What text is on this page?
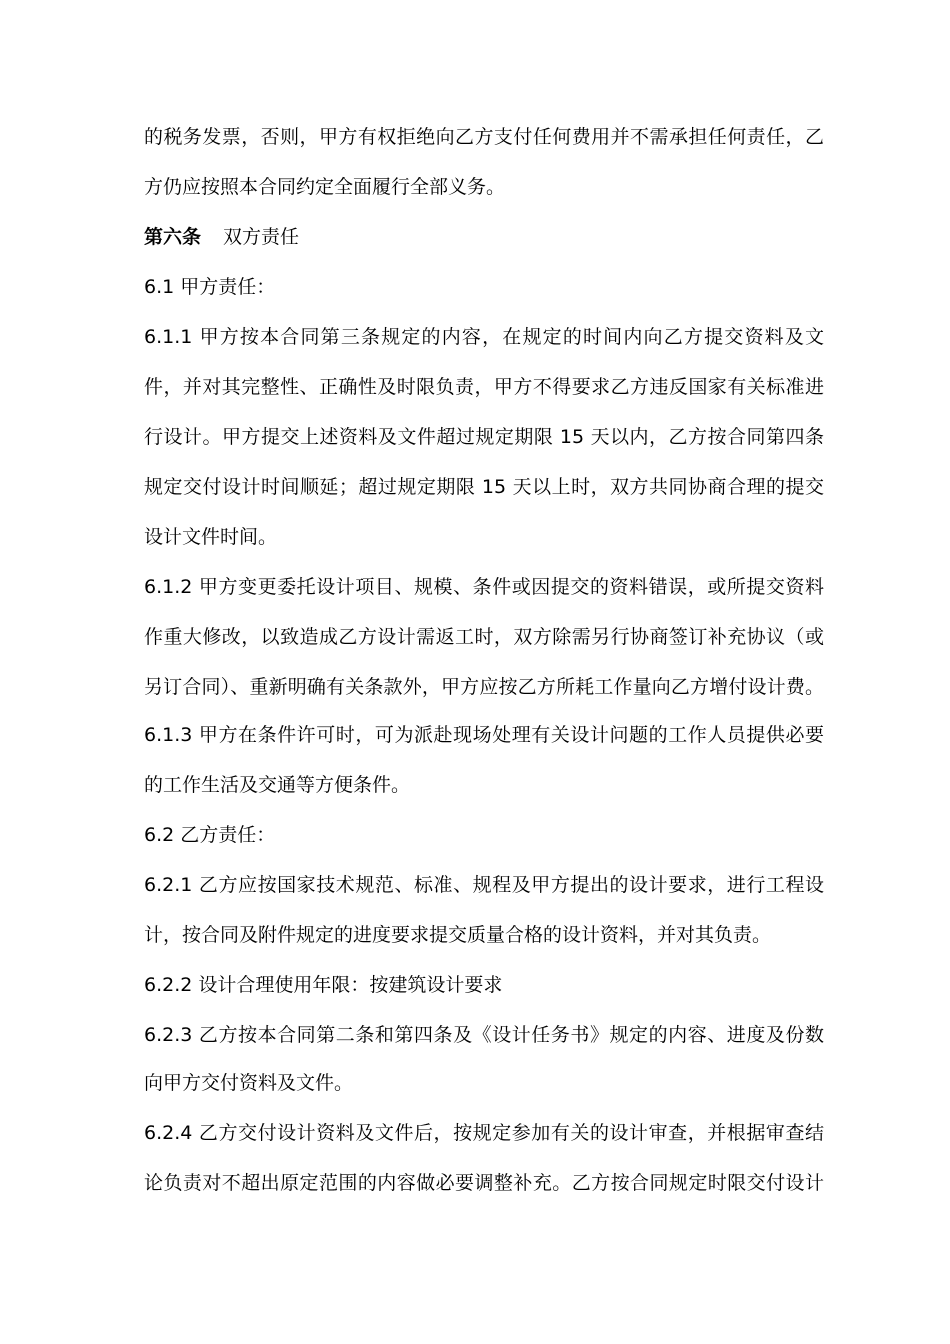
的税务发票，否则，甲方有权拒绝向乙方支付任何费用并不需承担任何责任，乙
方仍应按照本合同约定全面履行全部义务。
第六条 双方责任
6.1 甲方责任：
6.1.1 甲方按本合同第三条规定的内容，在规定的时间内向乙方提交资料及文
件，并对其完整性、正确性及时限负责，甲方不得要求乙方违反国家有关标准进
行设计。甲方提交上述资料及文件超过规定期限 15 天以内，乙方按合同第四条
规定交付设计时间顺延；超过规定期限 15 天以上时，双方共同协商合理的提交
设计文件时间。
6.1.2 甲方变更委托设计项目、规模、条件或因提交的资料错误，或所提交资料
作重大修改，以致造成乙方设计需返工时，双方除需另行协商签订补充协议（或
另订合同）、重新明确有关条款外，甲方应按乙方所耗工作量向乙方增付设计费。
6.1.3 甲方在条件许可时，可为派赴现场处理有关设计问题的工作人员提供必要
的工作生活及交通等方便条件。
6.2 乙方责任：
6.2.1 乙方应按国家技术规范、标准、规程及甲方提出的设计要求，进行工程设
计，按合同及附件规定的进度要求提交质量合格的设计资料，并对其负责。
6.2.2 设计合理使用年限：按建筑设计要求
6.2.3 乙方按本合同第二条和第四条及《设计任务书》规定的内容、进度及份数
向甲方交付资料及文件。
6.2.4 乙方交付设计资料及文件后，按规定参加有关的设计审查，并根据审查结
论负责对不超出原定范围的内容做必要调整补充。乙方按合同规定时限交付设计
